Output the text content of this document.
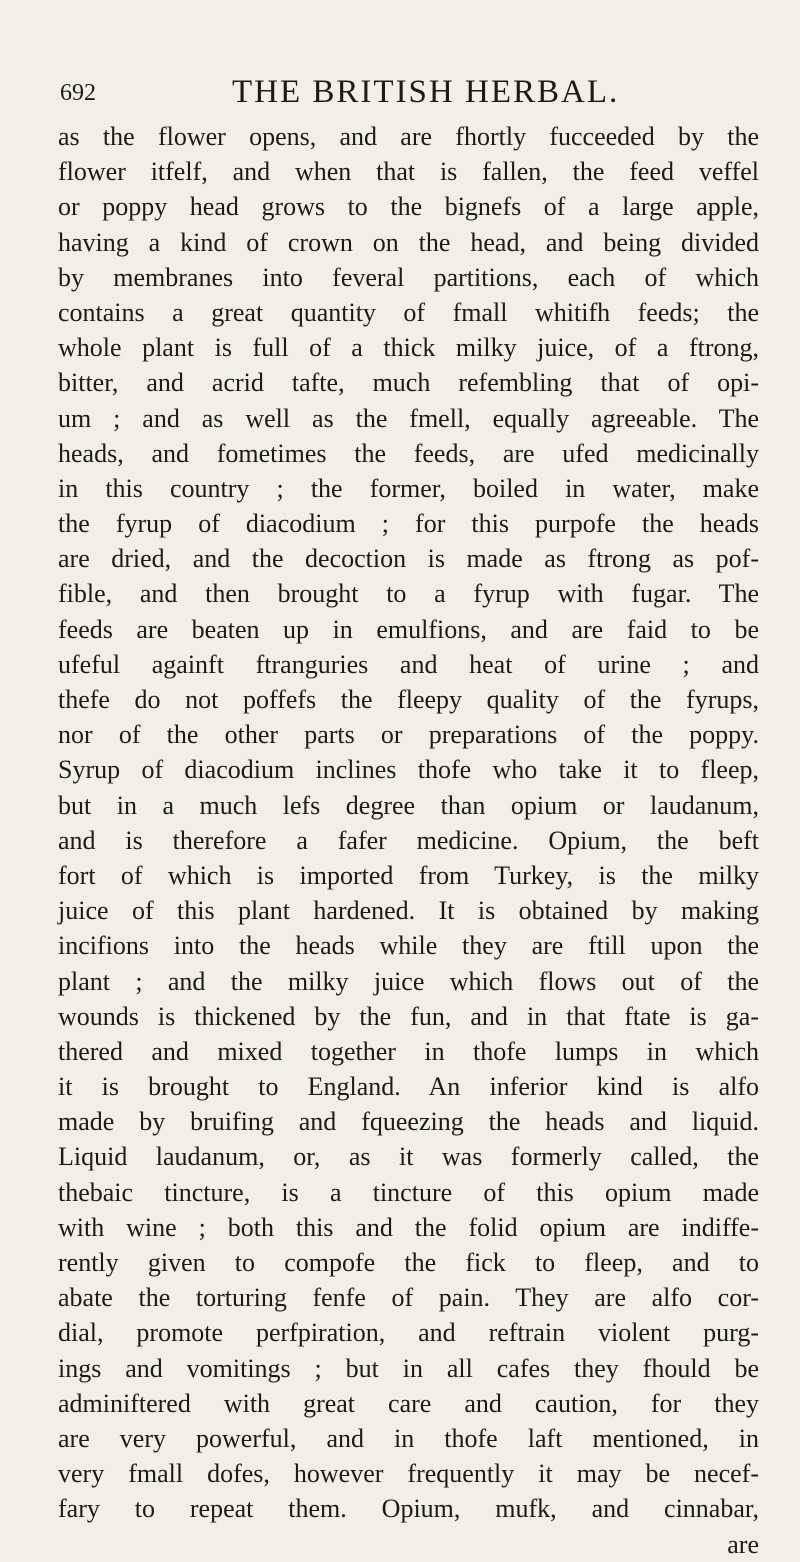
692	THE BRITISH HERBAL.
as the flower opens, and are fhortly fucceeded by the
flower itfelf, and when that is fallen, the feed veffel
or poppy head grows to the bignefs of a large apple,
having a kind of crown on the head, and being divided
by membranes into feveral partitions, each of which
contains a great quantity of fmall whitifh feeds; the
whole plant is full of a thick milky juice, of a ftrong,
bitter, and acrid tafte, much refembling that of opi-
um ; and as well as the fmell, equally agreeable. The
heads, and fometimes the feeds, are ufed medicinally
in this country ; the former, boiled in water, make
the fyrup of diacodium ; for this purpofe the heads
are dried, and the decoction is made as ftrong as pof-
fible, and then brought to a fyrup with fugar. The
feeds are beaten up in emulfions, and are faid to be
ufeful againft ftranguries and heat of urine ; and
thefe do not poffefs the fleepy quality of the fyrups,
nor of the other parts or preparations of the poppy.
Syrup of diacodium inclines thofe who take it to fleep,
but in a much lefs degree than opium or laudanum,
and is therefore a fafer medicine. Opium, the beft
fort of which is imported from Turkey, is the milky
juice of this plant hardened. It is obtained by making
incifions into the heads while they are ftill upon the
plant ; and the milky juice which flows out of the
wounds is thickened by the fun, and in that ftate is ga-
thered and mixed together in thofe lumps in which
it is brought to England. An inferior kind is alfo
made by bruifing and fqueezing the heads and liquid.
Liquid laudanum, or, as it was formerly called, the
thebaic tincture, is a tincture of this opium made
with wine ; both this and the folid opium are indiffe-
rently given to compofe the fick to fleep, and to
abate the torturing fenfe of pain. They are alfo cor-
dial, promote perfpiration, and reftrain violent purg-
ings and vomitings ; but in all cafes they fhould be
adminiftered with great care and caution, for they
are very powerful, and in thofe laft mentioned, in
very fmall dofes, however frequently it may be necef-
fary to repeat them. Opium, mufk, and cinnabar,
are
